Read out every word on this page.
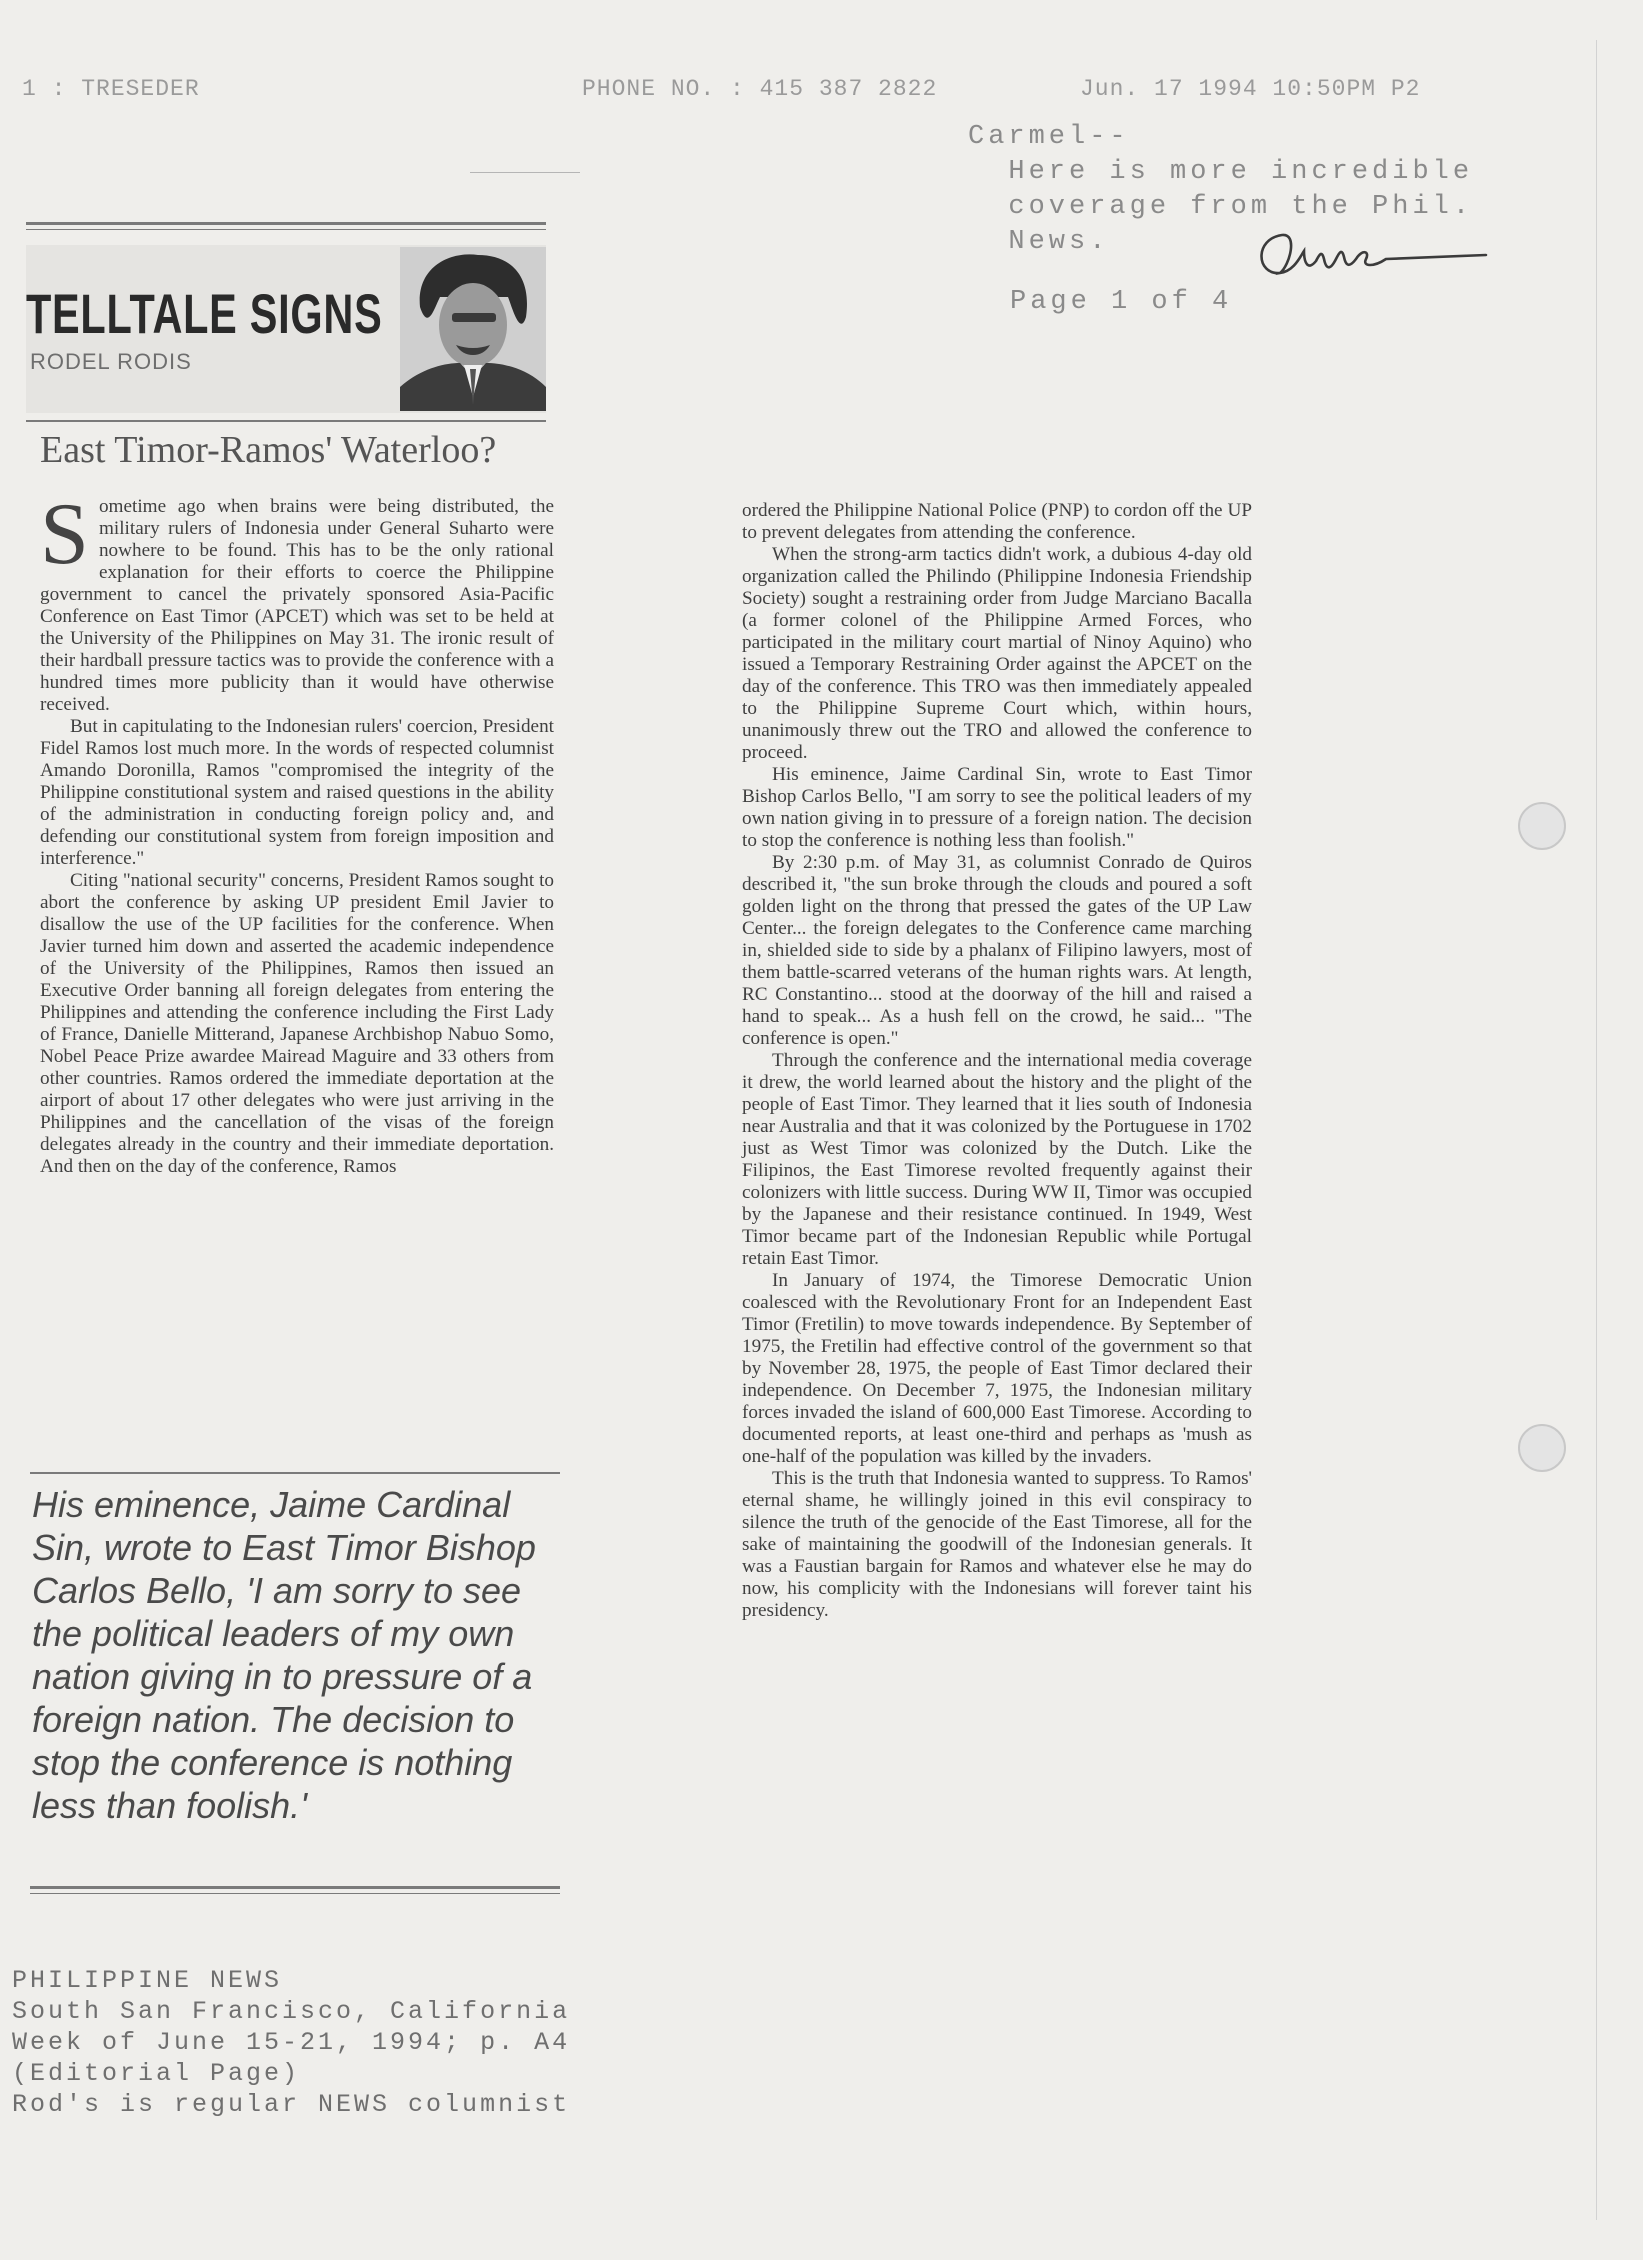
1 : TRESEDER	PHONE NO. : 415 387 2822	Jun. 17 1994 10:50PM P2
Carmel--
Here is more incredible
coverage from the Phil.
News.
Page 1 of 4
TELLTALE SIGNS
RODEL RODIS
East Timor-Ramos' Waterloo?

Sometime ago when brains were being distributed, the military rulers of Indonesia under General Suharto were nowhere to be found. This has to be the only rational explanation for their efforts to coerce the Philippine government to cancel the privately sponsored Asia-Pacific Conference on East Timor (APCET) which was set to be held at the University of the Philippines on May 31. The ironic result of their hardball pressure tactics was to provide the conference with a hundred times more publicity than it would have otherwise received.

But in capitulating to the Indonesian rulers' coercion, President Fidel Ramos lost much more. In the words of respected columnist Amando Doronilla, Ramos "compromised the integrity of the Philippine constitutional system and raised questions in the ability of the administration in conducting foreign policy and, and defending our constitutional system from foreign imposition and interference."

Citing "national security" concerns, President Ramos sought to abort the conference by asking UP president Emil Javier to disallow the use of the UP facilities for the conference. When Javier turned him down and asserted the academic independence of the University of the Philippines, Ramos then issued an Executive Order banning all foreign delegates from entering the Philippines and attending the conference including the First Lady of France, Danielle Mitterand, Japanese Archbishop Nabuo Somo, Nobel Peace Prize awardee Mairead Maguire and 33 others from other countries. Ramos ordered the immediate deportation at the airport of about 17 other delegates who were just arriving in the Philippines and the cancellation of the visas of the foreign delegates already in the country and their immediate deportation. And then on the day of the conference, Ramos

His eminence, Jaime Cardinal Sin, wrote to East Timor Bishop Carlos Bello, 'I am sorry to see the political leaders of my own nation giving in to pressure of a foreign nation. The decision to stop the conference is nothing less than foolish.'

ordered the Philippine National Police (PNP) to cordon off the UP to prevent delegates from attending the conference.

When the strong-arm tactics didn't work, a dubious 4-day old organization called the Philindo (Philippine Indonesia Friendship Society) sought a restraining order from Judge Marciano Bacalla (a former colonel of the Philippine Armed Forces, who participated in the military court martial of Ninoy Aquino) who issued a Temporary Restraining Order against the APCET on the day of the conference. This TRO was then immediately appealed to the Philippine Supreme Court which, within hours, unanimously threw out the TRO and allowed the conference to proceed.

His eminence, Jaime Cardinal Sin, wrote to East Timor Bishop Carlos Bello, "I am sorry to see the political leaders of my own nation giving in to pressure of a foreign nation. The decision to stop the conference is nothing less than foolish."

By 2:30 p.m. of May 31, as columnist Conrado de Quiros described it, "the sun broke through the clouds and poured a soft golden light on the throng that pressed the gates of the UP Law Center... the foreign delegates to the Conference came marching in, shielded side to side by a phalanx of Filipino lawyers, most of them battle-scarred veterans of the human rights wars. At length, RC Constantino... stood at the doorway of the hill and raised a hand to speak... As a hush fell on the crowd, he said... "The conference is open."

Through the conference and the international media coverage it drew, the world learned about the history and the plight of the people of East Timor. They learned that it lies south of Indonesia near Australia and that it was colonized by the Portuguese in 1702 just as West Timor was colonized by the Dutch. Like the Filipinos, the East Timorese revolted frequently against their colonizers with little success. During WW II, Timor was occupied by the Japanese and their resistance continued. In 1949, West Timor became part of the Indonesian Republic while Portugal retain East Timor.

In January of 1974, the Timorese Democratic Union coalesced with the Revolutionary Front for an Independent East Timor (Fretilin) to move towards independence. By September of 1975, the Fretilin had effective control of the government so that by November 28, 1975, the people of East Timor declared their independence. On December 7, 1975, the Indonesian military forces invaded the island of 600,000 East Timorese. According to documented reports, at least one-third and perhaps as 'mush as one-half of the population was killed by the invaders.

This is the truth that Indonesia wanted to suppress. To Ramos' eternal shame, he willingly joined in this evil conspiracy to silence the truth of the genocide of the East Timorese, all for the sake of maintaining the goodwill of the Indonesian generals. It was a Faustian bargain for Ramos and whatever else he may do now, his complicity with the Indonesians will forever taint his presidency.

PHILIPPINE NEWS
South San Francisco, California
Week of June 15-21, 1994; p. A4
(Editorial Page)
Rod's is regular NEWS columnist
